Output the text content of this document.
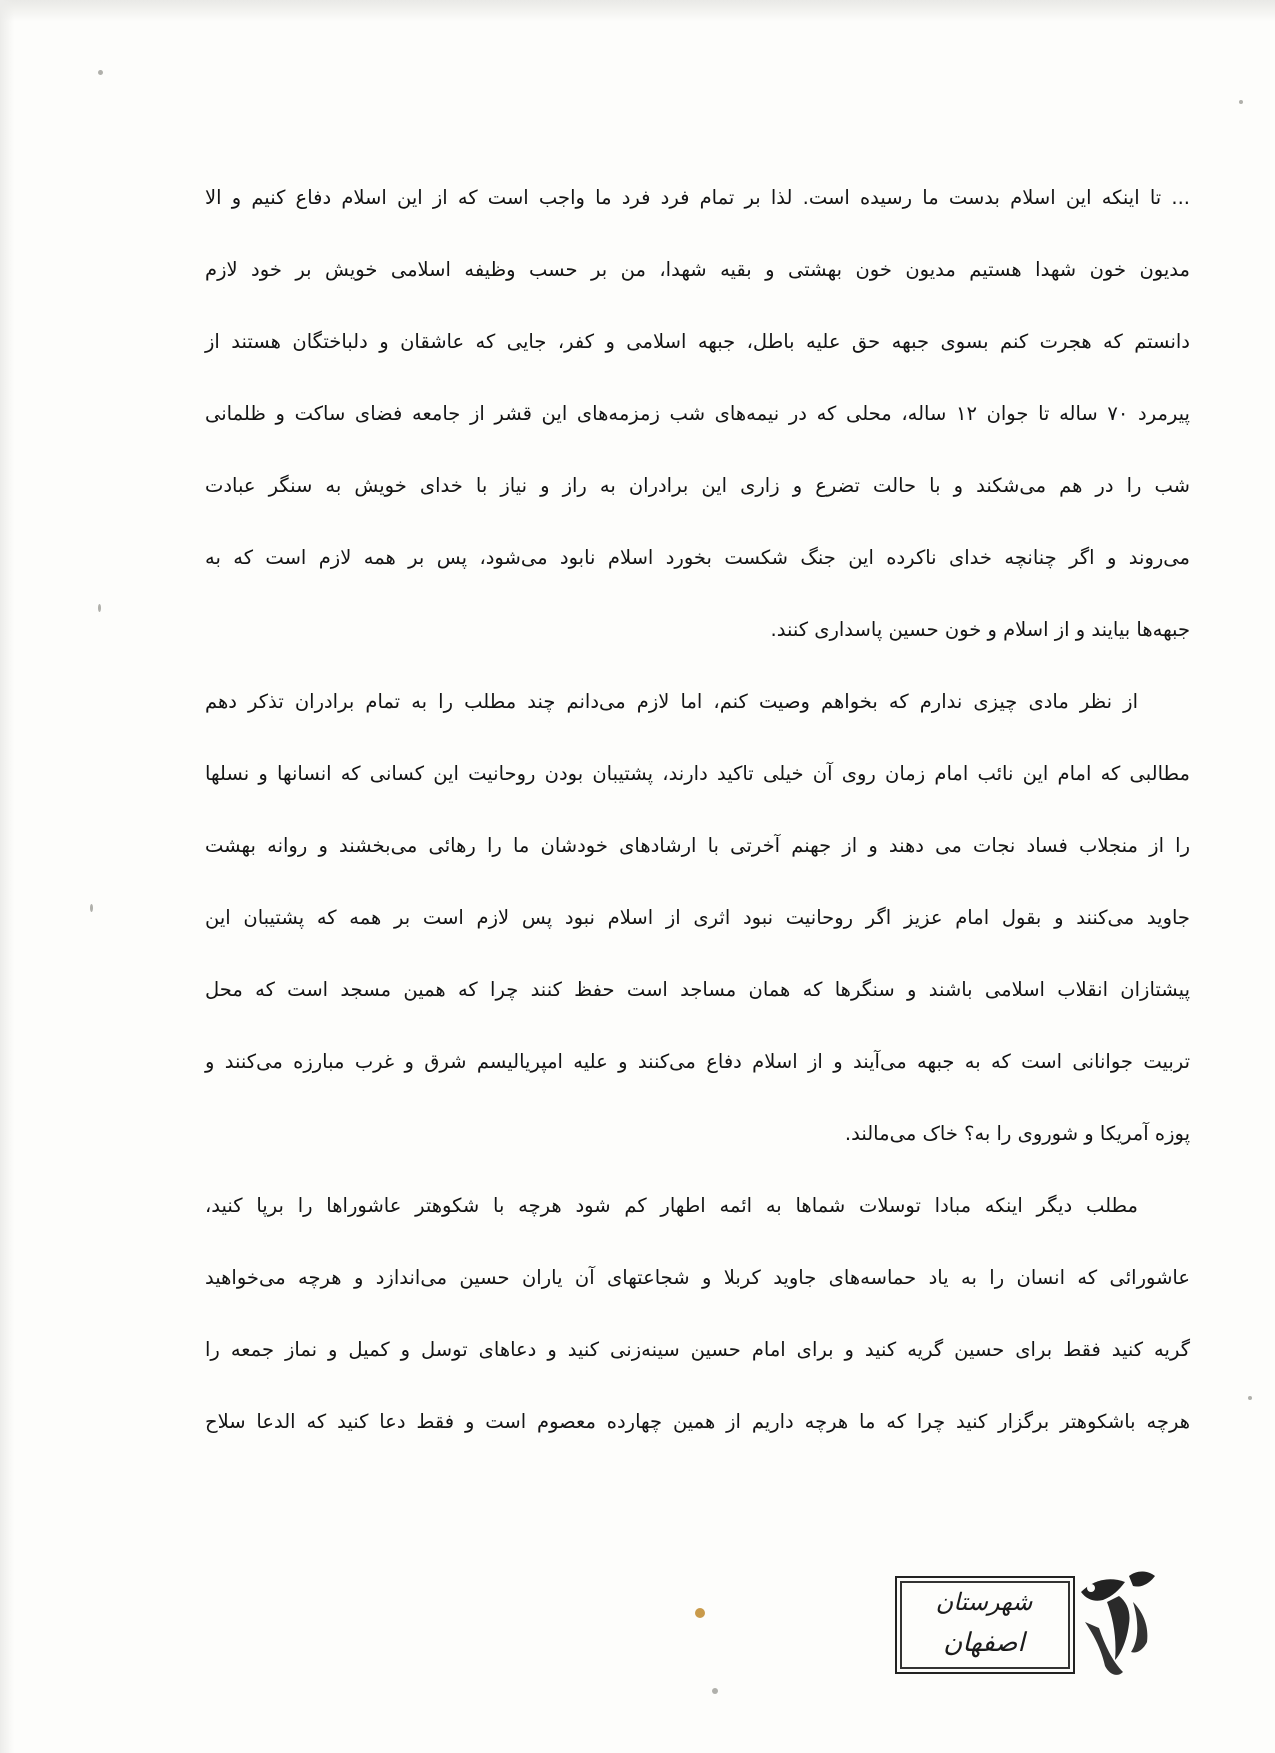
... تا اینکه این اسلام بدست ما رسیده است. لذا بر تمام فرد فرد ما واجب است که از این اسلام دفاع کنیم و الا
مدیون خون شهدا هستیم مدیون خون بهشتی و بقیه شهدا، من بر حسب وظیفه اسلامی خویش بر خود لازم
دانستم که هجرت کنم بسوی جبهه حق علیه باطل، جبهه اسلامی و کفر، جایی که عاشقان و دلباختگان هستند از
پیرمرد ۷۰ ساله تا جوان ۱۲ ساله، محلی که در نیمه‌های شب زمزمه‌های این قشر از جامعه فضای ساکت و ظلمانی
شب را در هم می‌شکند و با حالت تضرع و زاری این برادران به راز و نیاز با خدای خویش به سنگر عبادت
می‌روند و اگر چنانچه خدای ناکرده این جنگ شکست بخورد اسلام نابود می‌شود، پس بر همه لازم است که به
جبهه‌ها بیایند و از اسلام و خون حسین پاسداری کنند.
از نظر مادی چیزی ندارم که بخواهم وصیت کنم، اما لازم می‌دانم چند مطلب را به تمام برادران تذکر دهم
مطالبی که امام این نائب امام زمان روی آن خیلی تاکید دارند، پشتیبان بودن روحانیت این کسانی که انسانها و نسلها
را از منجلاب فساد نجات می دهند و از جهنم آخرتی با ارشادهای خودشان ما را رهائی می‌بخشند و روانه بهشت
جاوید می‌کنند و بقول امام عزیز اگر روحانیت نبود اثری از اسلام نبود پس لازم است بر همه که پشتیبان این
پیشتازان انقلاب اسلامی باشند و سنگرها که همان مساجد است حفظ کنند چرا که همین مسجد است که محل
تربیت جوانانی است که به جبهه می‌آیند و از اسلام دفاع می‌کنند و علیه امپریالیسم شرق و غرب مبارزه می‌کنند و
پوزه آمریکا و شوروی را به؟ خاک می‌مالند.
مطلب دیگر اینکه مبادا توسلات شماها به ائمه اطهار کم شود هرچه با شکوهتر عاشوراها را برپا کنید،
عاشورائی که انسان را به یاد حماسه‌های جاوید کربلا و شجاعتهای آن یاران حسین می‌اندازد و هرچه می‌خواهید
گریه کنید فقط برای حسین گریه کنید و برای امام حسین سینه‌زنی کنید و دعاهای توسل و کمیل و نماز جمعه را
هرچه باشکوهتر برگزار کنید چرا که ما هرچه داریم از همین چهارده معصوم است و فقط دعا کنید که الدعا سلاح
شهرستان
اصفهان
